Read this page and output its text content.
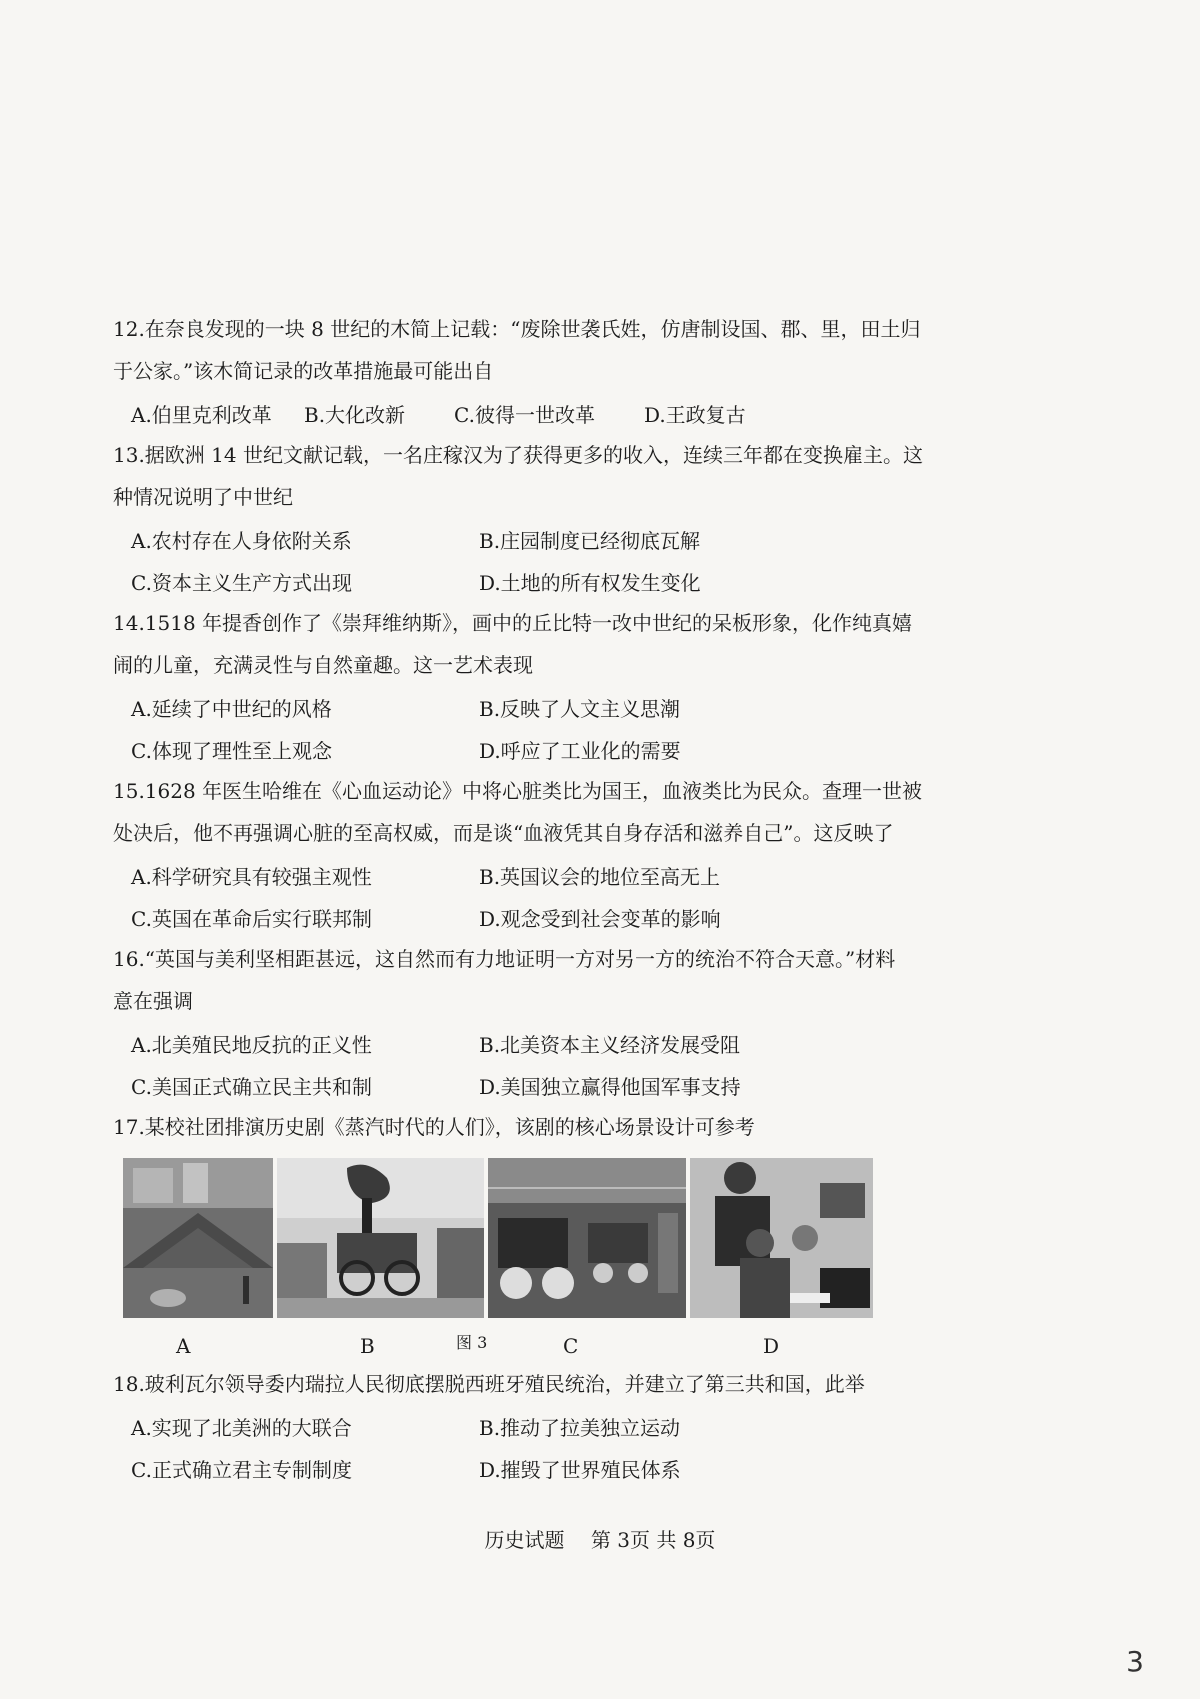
12.在奈良发现的一块 8 世纪的木简上记载：“废除世袭氏姓，仿唐制设国、郡、里，田土归
于公家。”该木简记录的改革措施最可能出自

A.伯里克利改革	B.大化改新	C.彼得一世改革	D.王政复古

13.据欧洲 14 世纪文献记载，一名庄稼汉为了获得更多的收入，连续三年都在变换雇主。这
种情况说明了中世纪

A.农村存在人身依附关系	B.庄园制度已经彻底瓦解
C.资本主义生产方式出现	D.土地的所有权发生变化

14.1518 年提香创作了《崇拜维纳斯》，画中的丘比特一改中世纪的呆板形象，化作纯真嬉
闹的儿童，充满灵性与自然童趣。这一艺术表现

A.延续了中世纪的风格	B.反映了人文主义思潮
C.体现了理性至上观念	D.呼应了工业化的需要

15.1628 年医生哈维在《心血运动论》中将心脏类比为国王，血液类比为民众。查理一世被
处决后，他不再强调心脏的至高权威，而是谈“血液凭其自身存活和滋养自己”。这反映了

A.科学研究具有较强主观性	B.英国议会的地位至高无上
C.英国在革命后实行联邦制	D.观念受到社会变革的影响

16.“英国与美利坚相距甚远，这自然而有力地证明一方对另一方的统治不符合天意。”材料
意在强调

A.北美殖民地反抗的正义性	B.北美资本主义经济发展受阻
C.美国正式确立民主共和制	D.美国独立赢得他国军事支持

17.某校社团排演历史剧《蒸汽时代的人们》，该剧的核心场景设计可参考

A	B	图 3	C	D

18.玻利瓦尔领导委内瑞拉人民彻底摆脱西班牙殖民统治，并建立了第三共和国，此举

A.实现了北美洲的大联合	B.推动了拉美独立运动
C.正式确立君主专制制度	D.摧毁了世界殖民体系
历史试题 第 3页 共 8页
3
